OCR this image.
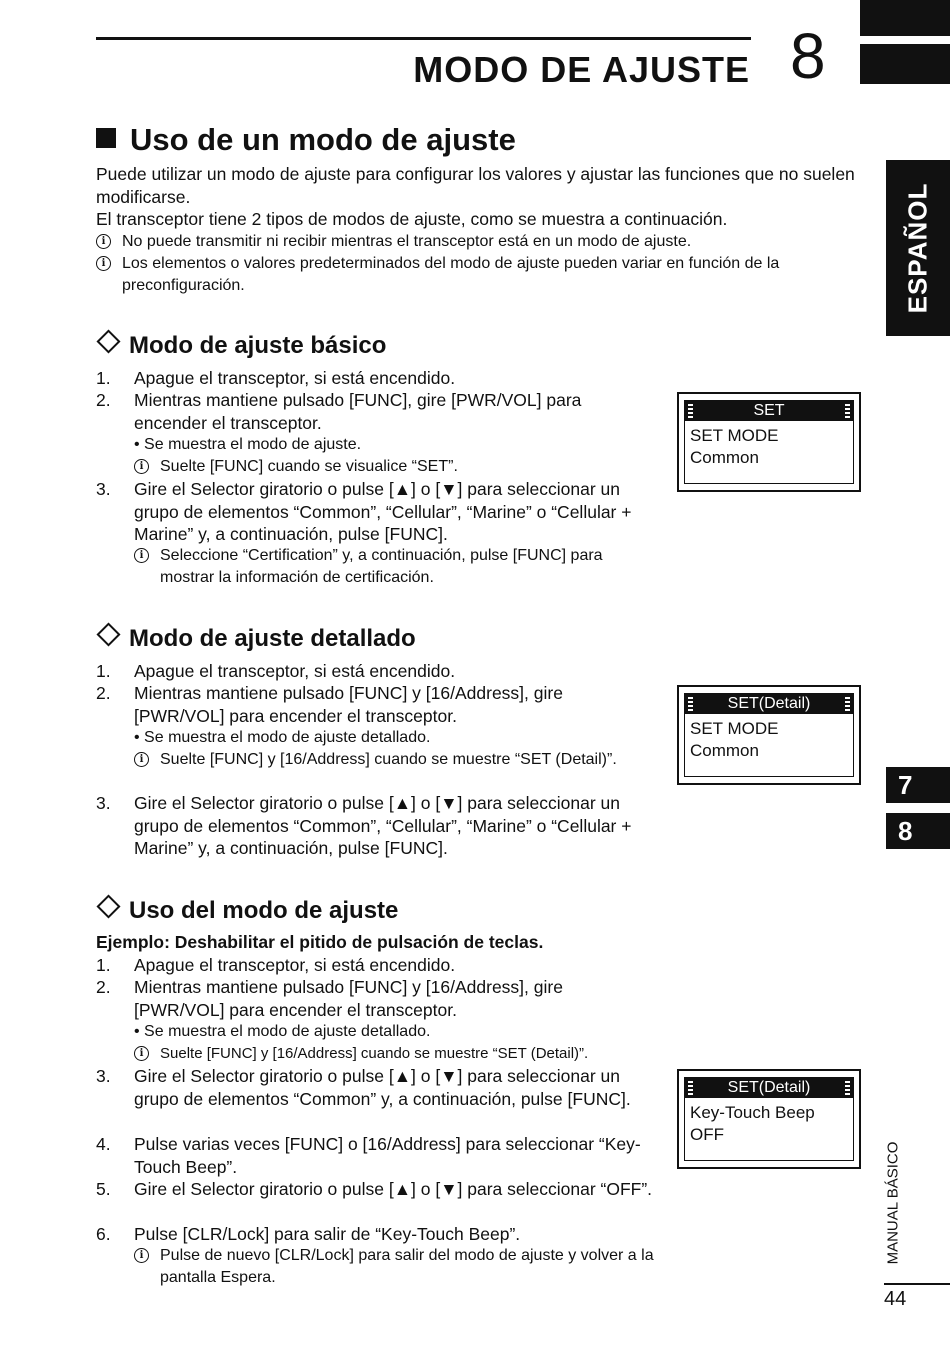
MODO DE AJUSTE 8
ESPAÑOL
7
8
MANUAL BÁSICO
44
Uso de un modo de ajuste
Puede utilizar un modo de ajuste para configurar los valores y ajustar las funciones que no suelen modificarse.
El transceptor tiene 2 tipos de modos de ajuste, como se muestra a continuación.
i	No puede transmitir ni recibir mientras el transceptor está en un modo de ajuste.
i	Los elementos o valores predeterminados del modo de ajuste pueden variar en función de la preconfiguración.
Modo de ajuste básico
1.	Apague el transceptor, si está encendido.
2.	Mientras mantiene pulsado [FUNC], gire [PWR/VOL] para encender el transceptor.
• Se muestra el modo de ajuste.
i	Suelte [FUNC] cuando se visualice “SET”.
3.	Gire el Selector giratorio o pulse [▲] o [▼] para seleccionar un grupo de elementos “Common”, “Cellular”, “Marine” o “Cellular + Marine” y, a continuación, pulse [FUNC].
i	Seleccione “Certification” y, a continuación, pulse [FUNC] para mostrar la información de certificación.
SET
SET MODE
Common
Modo de ajuste detallado
1.	Apague el transceptor, si está encendido.
2.	Mientras mantiene pulsado [FUNC] y [16/Address], gire [PWR/VOL] para encender el transceptor.
• Se muestra el modo de ajuste detallado.
i	Suelte [FUNC] y [16/Address] cuando se muestre “SET (Detail)”.
3.	Gire el Selector giratorio o pulse [▲] o [▼] para seleccionar un grupo de elementos “Common”, “Cellular”, “Marine” o “Cellular + Marine” y, a continuación, pulse [FUNC].
SET(Detail)
SET MODE
Common
Uso del modo de ajuste
Ejemplo: Deshabilitar el pitido de pulsación de teclas.
1.	Apague el transceptor, si está encendido.
2.	Mientras mantiene pulsado [FUNC] y [16/Address], gire [PWR/VOL] para encender el transceptor.
• Se muestra el modo de ajuste detallado.
i	Suelte [FUNC] y [16/Address] cuando se muestre “SET (Detail)”.
3.	Gire el Selector giratorio o pulse [▲] o [▼] para seleccionar un grupo de elementos “Common” y, a continuación, pulse [FUNC].
4.	Pulse varias veces [FUNC] o [16/Address] para seleccionar “Key-Touch Beep”.
5.	Gire el Selector giratorio o pulse [▲] o [▼] para seleccionar “OFF”.
6.	Pulse [CLR/Lock] para salir de “Key-Touch Beep”.
i	Pulse de nuevo [CLR/Lock] para salir del modo de ajuste y volver a la pantalla Espera.
SET(Detail)
Key-Touch Beep
OFF
